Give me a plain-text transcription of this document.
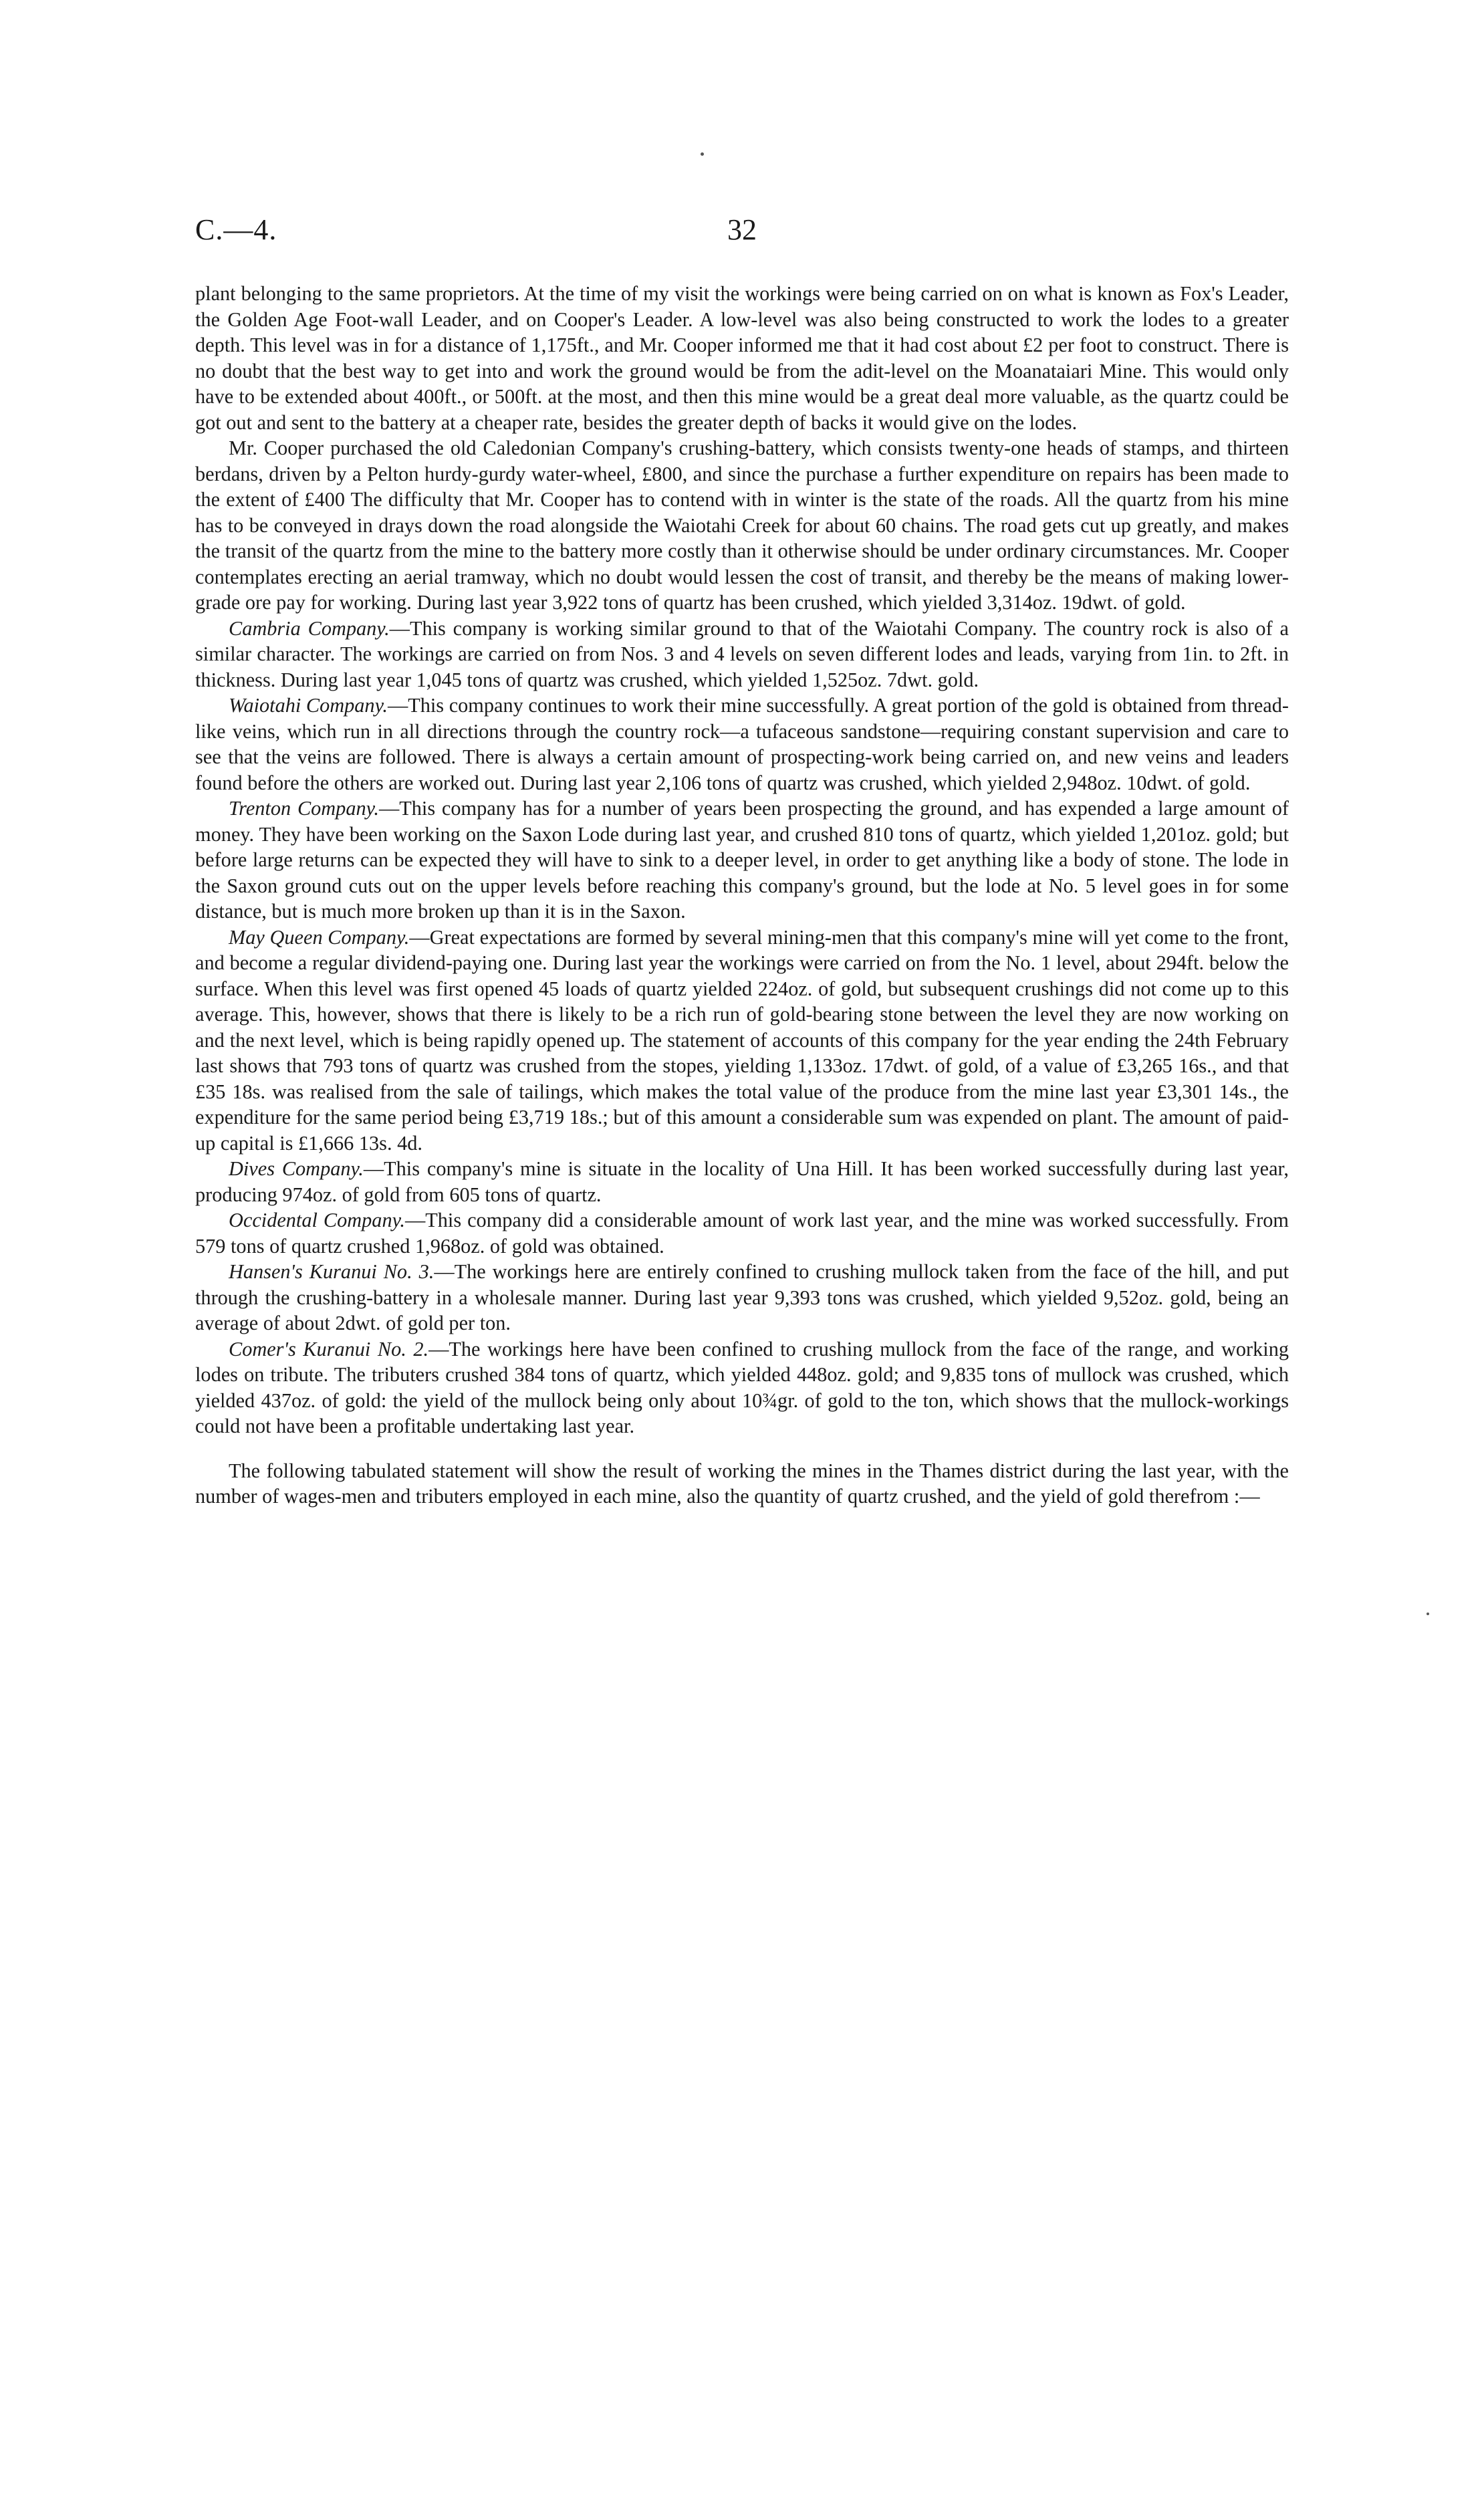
C.—4.	32

plant belonging to the same proprietors. At the time of my visit the workings were being carried on on what is known as Fox's Leader, the Golden Age Foot-wall Leader, and on Cooper's Leader. A low-level was also being constructed to work the lodes to a greater depth. This level was in for a distance of 1,175ft., and Mr. Cooper informed me that it had cost about £2 per foot to construct. There is no doubt that the best way to get into and work the ground would be from the adit-level on the Moanataiari Mine. This would only have to be extended about 400ft., or 500ft. at the most, and then this mine would be a great deal more valuable, as the quartz could be got out and sent to the battery at a cheaper rate, besides the greater depth of backs it would give on the lodes.

Mr. Cooper purchased the old Caledonian Company's crushing-battery, which consists twenty-one heads of stamps, and thirteen berdans, driven by a Pelton hurdy-gurdy water-wheel, £800, and since the purchase a further expenditure on repairs has been made to the extent of £400 The difficulty that Mr. Cooper has to contend with in winter is the state of the roads. All the quartz from his mine has to be conveyed in drays down the road alongside the Waiotahi Creek for about 60 chains. The road gets cut up greatly, and makes the transit of the quartz from the mine to the battery more costly than it otherwise should be under ordinary circumstances. Mr. Cooper contemplates erecting an aerial tramway, which no doubt would lessen the cost of transit, and thereby be the means of making lower-grade ore pay for working. During last year 3,922 tons of quartz has been crushed, which yielded 3,314oz. 19dwt. of gold.

Cambria Company.—This company is working similar ground to that of the Waiotahi Company. The country rock is also of a similar character. The workings are carried on from Nos. 3 and 4 levels on seven different lodes and leads, varying from 1in. to 2ft. in thickness. During last year 1,045 tons of quartz was crushed, which yielded 1,525oz. 7dwt. gold.

Waiotahi Company.—This company continues to work their mine successfully. A great portion of the gold is obtained from thread-like veins, which run in all directions through the country rock—a tufaceous sandstone—requiring constant supervision and care to see that the veins are followed. There is always a certain amount of prospecting-work being carried on, and new veins and leaders found before the others are worked out. During last year 2,106 tons of quartz was crushed, which yielded 2,948oz. 10dwt. of gold.

Trenton Company.—This company has for a number of years been prospecting the ground, and has expended a large amount of money. They have been working on the Saxon Lode during last year, and crushed 810 tons of quartz, which yielded 1,201oz. gold; but before large returns can be expected they will have to sink to a deeper level, in order to get anything like a body of stone. The lode in the Saxon ground cuts out on the upper levels before reaching this company's ground, but the lode at No. 5 level goes in for some distance, but is much more broken up than it is in the Saxon.

May Queen Company.—Great expectations are formed by several mining-men that this company's mine will yet come to the front, and become a regular dividend-paying one. During last year the workings were carried on from the No. 1 level, about 294ft. below the surface. When this level was first opened 45 loads of quartz yielded 224oz. of gold, but subsequent crushings did not come up to this average. This, however, shows that there is likely to be a rich run of gold-bearing stone between the level they are now working on and the next level, which is being rapidly opened up. The statement of accounts of this company for the year ending the 24th February last shows that 793 tons of quartz was crushed from the stopes, yielding 1,133oz. 17dwt. of gold, of a value of £3,265 16s., and that £35 18s. was realised from the sale of tailings, which makes the total value of the produce from the mine last year £3,301 14s., the expenditure for the same period being £3,719 18s.; but of this amount a considerable sum was expended on plant. The amount of paid-up capital is £1,666 13s. 4d.

Dives Company.—This company's mine is situate in the locality of Una Hill. It has been worked successfully during last year, producing 974oz. of gold from 605 tons of quartz.

Occidental Company.—This company did a considerable amount of work last year, and the mine was worked successfully. From 579 tons of quartz crushed 1,968oz. of gold was obtained.

Hansen's Kuranui No. 3.—The workings here are entirely confined to crushing mullock taken from the face of the hill, and put through the crushing-battery in a wholesale manner. During last year 9,393 tons was crushed, which yielded 9,52oz. gold, being an average of about 2dwt. of gold per ton.

Comer's Kuranui No. 2.—The workings here have been confined to crushing mullock from the face of the range, and working lodes on tribute. The tributers crushed 384 tons of quartz, which yielded 448oz. gold; and 9,835 tons of mullock was crushed, which yielded 437oz. of gold: the yield of the mullock being only about 10¾gr. of gold to the ton, which shows that the mullock-workings could not have been a profitable undertaking last year.

The following tabulated statement will show the result of working the mines in the Thames district during the last year, with the number of wages-men and tributers employed in each mine, also the quantity of quartz crushed, and the yield of gold therefrom :—
